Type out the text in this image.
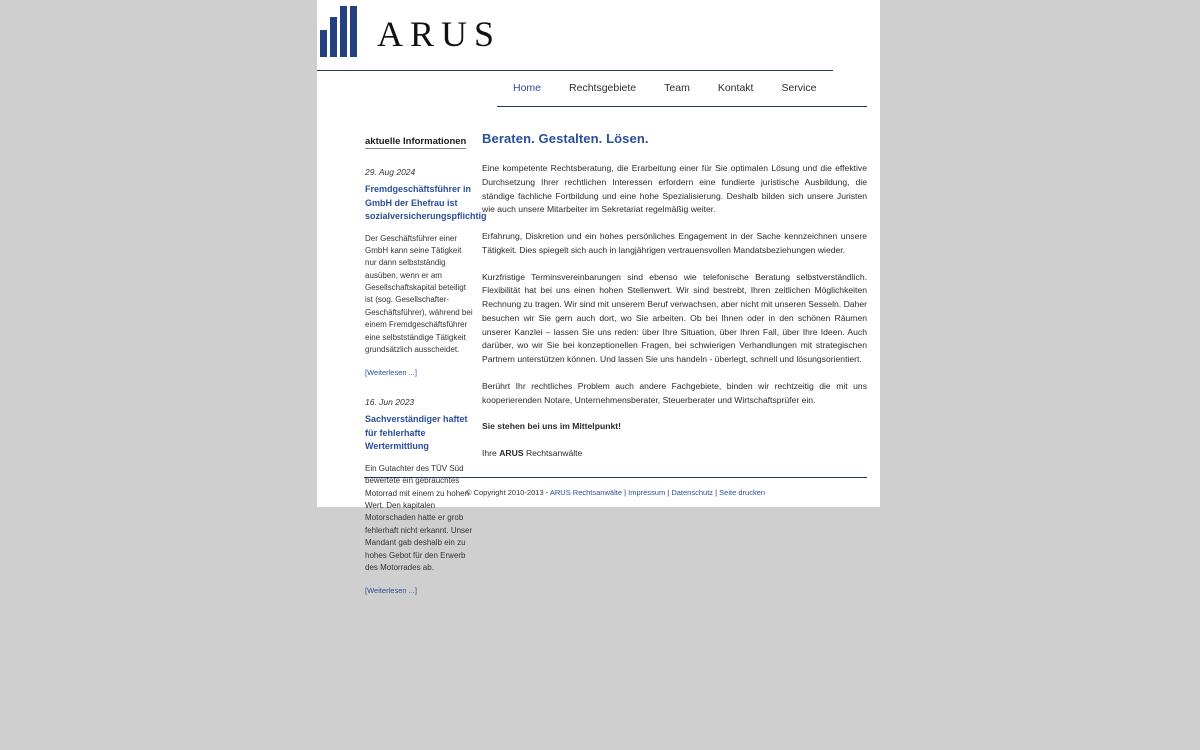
ARUS
Home	Rechtsgebiete	Team	Kontakt	Service
aktuelle Informationen
29. Aug 2024
Fremdgeschäftsführer in GmbH der Ehefrau ist sozialversicherungspflichtig
Der Geschäftsführer einer GmbH kann seine Tätigkeit nur dann selbstständig ausüben, wenn er am Gesellschaftskapital beteiligt ist (sog. Gesellschafter-Geschäftsführer), während bei einem Fremdgeschäftsführer eine selbstständige Tätigkeit grundsätzlich ausscheidet.
[Weiterlesen ...]
16. Jun 2023
Sachverständiger haftet für fehlerhafte Wertermittlung
Ein Gutachter des TÜV Süd bewertete ein gebrauchtes Motorrad mit einem zu hohen Wert. Den kapitalen Motorschaden hatte er grob fehlerhaft nicht erkannt. Unser Mandant gab deshalb ein zu hohes Gebot für den Erwerb des Motorrades ab.
[Weiterlesen ...]
Beraten. Gestalten. Lösen.

Eine kompetente Rechtsberatung, die Erarbeitung einer für Sie optimalen Lösung und die effektive Durchsetzung Ihrer rechtlichen Interessen erfordern eine fundierte juristische Ausbildung, die ständige fachliche Fortbildung und eine hohe Spezialisierung. Deshalb bilden sich unsere Juristen wie auch unsere Mitarbeiter im Sekretariat regelmäßig weiter.

Erfahrung, Diskretion und ein hohes persönliches Engagement in der Sache kennzeichnen unsere Tätigkeit. Dies spiegelt sich auch in langjährigen vertrauensvollen Mandatsbeziehungen wieder.

Kurzfristige Terminsvereinbarungen sind ebenso wie telefonische Beratung selbstverständlich. Flexibilität hat bei uns einen hohen Stellenwert. Wir sind bestrebt, Ihren zeitlichen Möglichkeiten Rechnung zu tragen. Wir sind mit unserem Beruf verwachsen, aber nicht mit unseren Sesseln. Daher besuchen wir Sie gern auch dort, wo Sie arbeiten. Ob bei Ihnen oder in den schönen Räumen unserer Kanzlei – lassen Sie uns reden: über Ihre Situation, über Ihren Fall, über Ihre Ideen. Auch darüber, wo wir Sie bei konzeptionellen Fragen, bei schwierigen Verhandlungen mit strategischen Partnern unterstützen können. Und lassen Sie uns handeln - überlegt, schnell und lösungsorientiert.

Berührt Ihr rechtliches Problem auch andere Fachgebiete, binden wir rechtzeitig die mit uns kooperierenden Notare, Unternehmensberater, Steuerberater und Wirtschaftsprüfer ein.

Sie stehen bei uns im Mittelpunkt!

Ihre ARUS Rechtsanwälte

© Copyright 2010-2013 - ARUS Rechtsanwälte | Impressum | Datenschutz | Seite drucken
